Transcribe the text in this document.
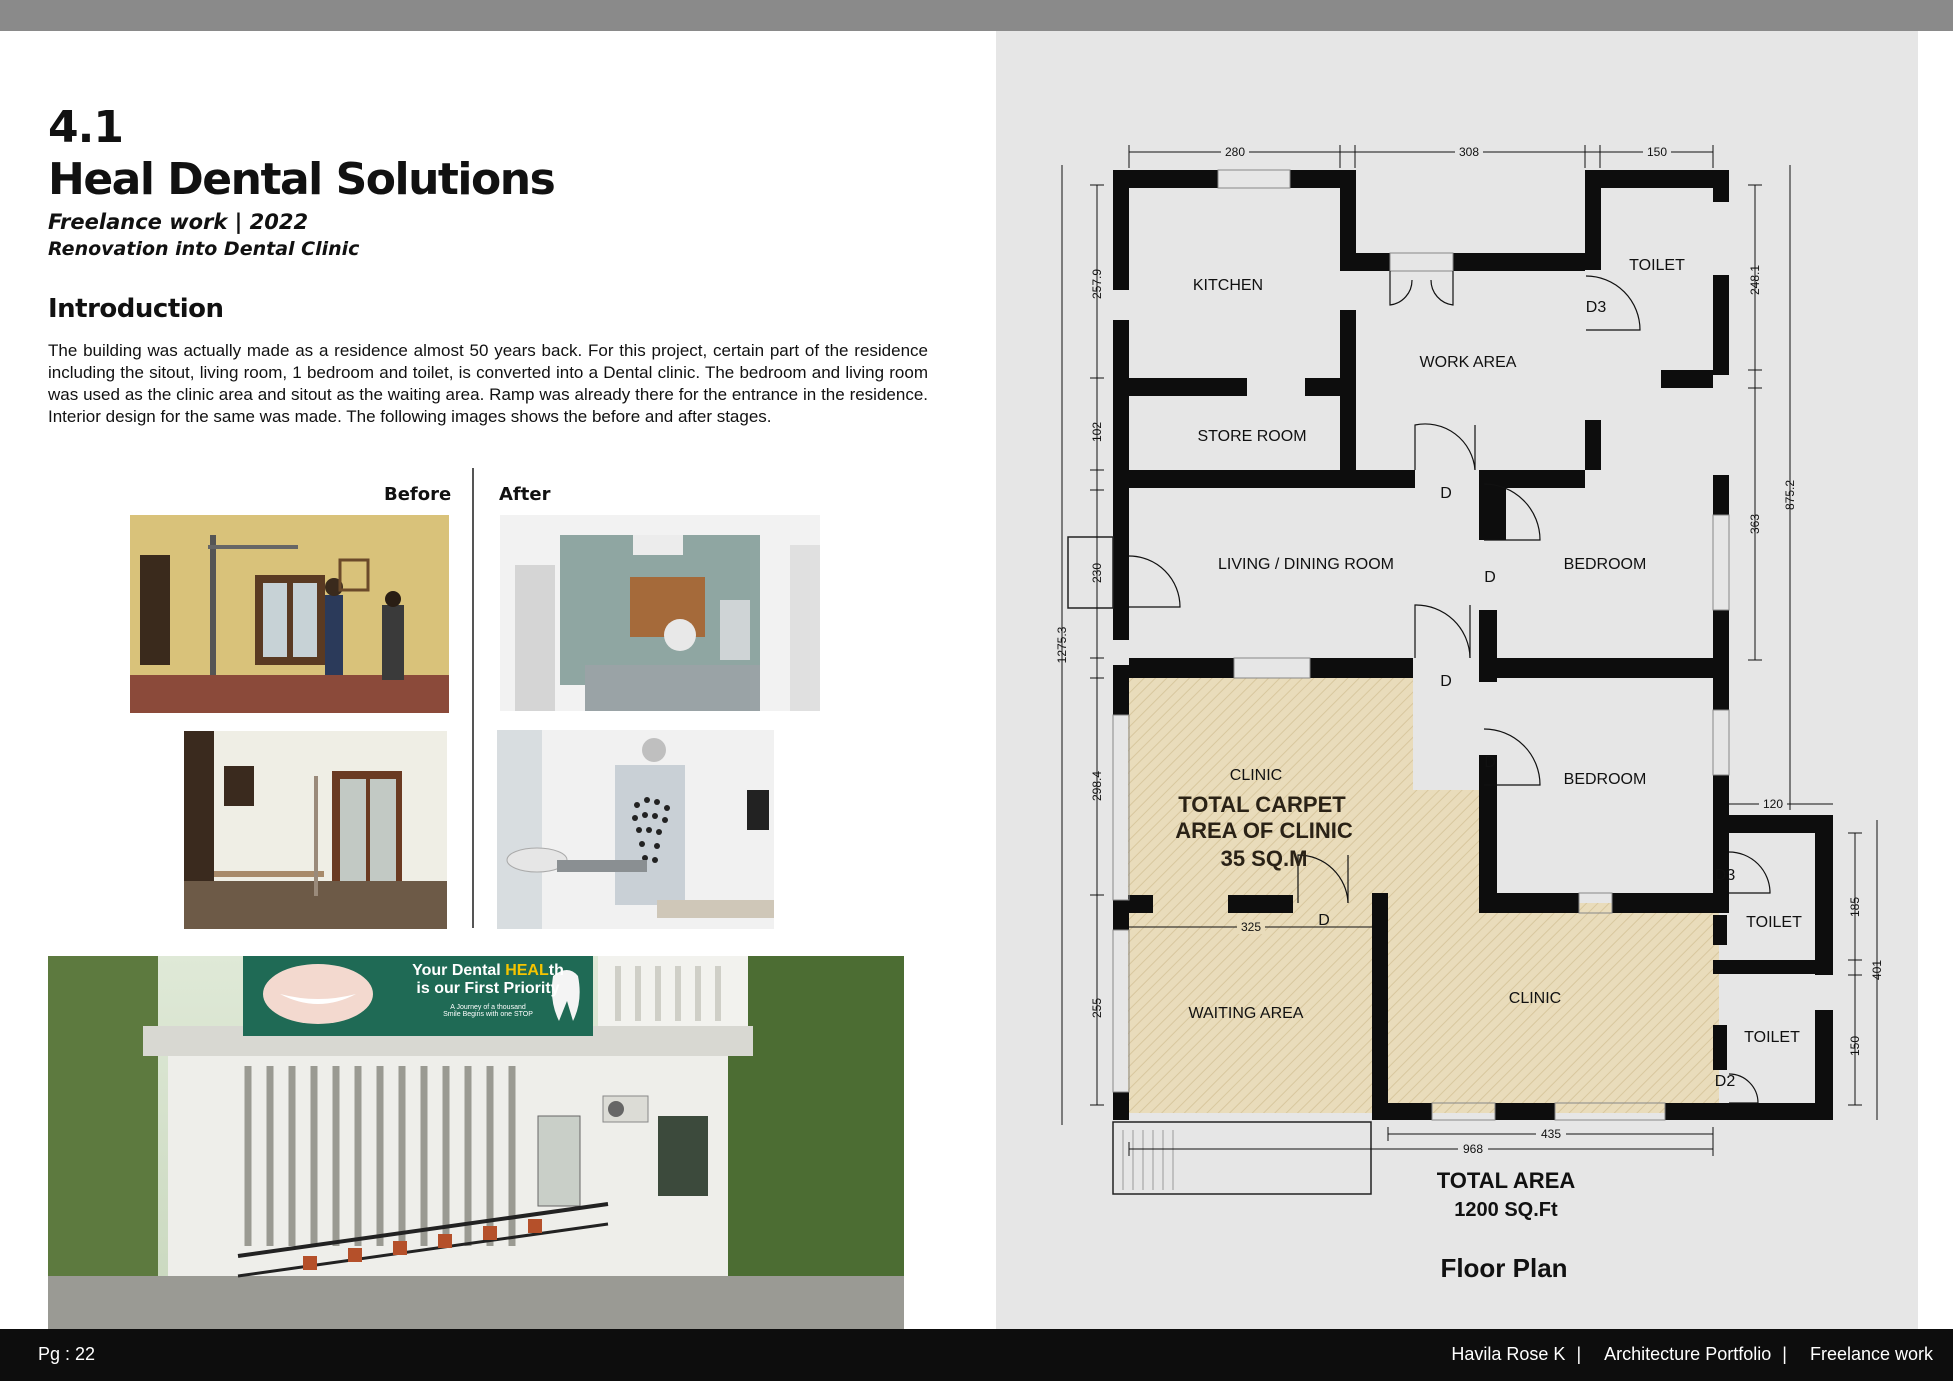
4.1
Heal Dental Solutions
Freelance work | 2022
Renovation into Dental Clinic
Introduction
The building was actually made as a residence almost 50 years back. For this project, certain part of the residence including the sitout, living room, 1 bedroom and toilet, is converted into a Dental clinic. The bedroom and living room was used as the clinic area and sitout as the waiting area. Ramp was already there for the entrance in the residence. Interior design for the same was made. The following images shows the before and after stages.
Before	After
Your Dental HEALth
is our First Priority
A Journey of a thousand
Smile Begins with one STOP
280	308	150
257.9
102
230
298.4
255
1275.3
248.1
363
875.2
120
185
150
401
325
968
435
KITCHEN
TOILET
WORK AREA
STORE ROOM
LIVING / DINING ROOM	BEDROOM
BEDROOM
CLINIC
CLINIC
WAITING AREA
TOILET
TOILET
D3
D
D
D
D
D
D3
D2
TOTAL CARPET
AREA OF CLINIC
35 SQ.M
TOTAL AREA
1200 SQ.Ft
Floor Plan
Pg : 22	Havila Rose K | Architecture Portfolio | Freelance work
